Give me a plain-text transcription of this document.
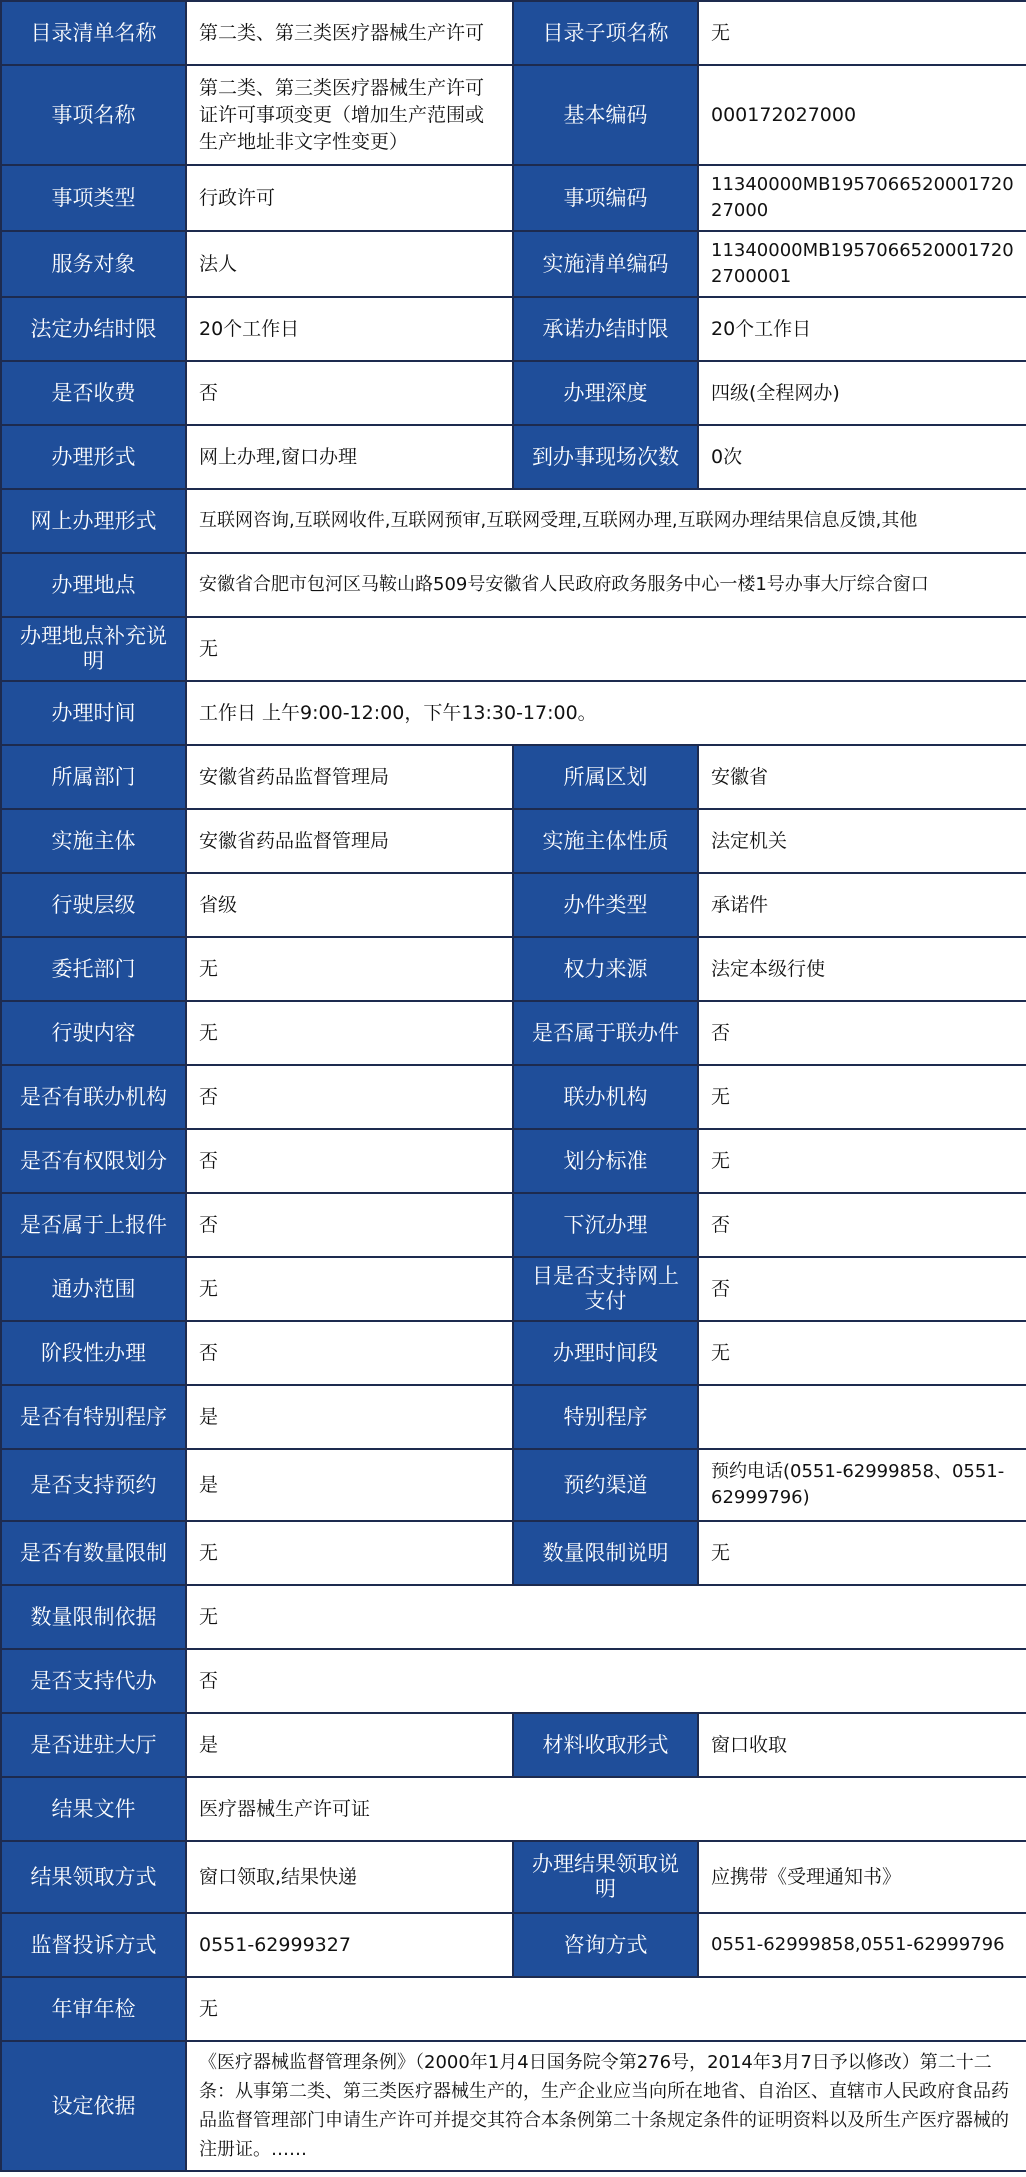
目录清单名称	第二类、第三类医疗器械生产许可	目录子项名称	无
事项名称	第二类、第三类医疗器械生产许可证许可事项变更（增加生产范围或生产地址非文字性变更）	基本编码	000172027000
事项类型	行政许可	事项编码	11340000MB195706652000172027000
服务对象	法人	实施清单编码	11340000MB19570665200017202700001
法定办结时限	20个工作日	承诺办结时限	20个工作日
是否收费	否	办理深度	四级(全程网办)
办理形式	网上办理,窗口办理	到办事现场次数	0次
网上办理形式	互联网咨询,互联网收件,互联网预审,互联网受理,互联网办理,互联网办理结果信息反馈,其他		
办理地点	安徽省合肥市包河区马鞍山路509号安徽省人民政府政务服务中心一楼1号办事大厅综合窗口		
办理地点补充说明	无		
办理时间	工作日 上午9:00-12:00，下午13:30-17:00。		
所属部门	安徽省药品监督管理局	所属区划	安徽省
实施主体	安徽省药品监督管理局	实施主体性质	法定机关
行驶层级	省级	办件类型	承诺件
委托部门	无	权力来源	法定本级行使
行驶内容	无	是否属于联办件	否
是否有联办机构	否	联办机构	无
是否有权限划分	否	划分标准	无
是否属于上报件	否	下沉办理	否
通办范围	无	目是否支持网上支付	否
阶段性办理	否	办理时间段	无
是否有特别程序	是	特别程序	
是否支持预约	是	预约渠道	预约电话(0551-62999858、0551-62999796)
是否有数量限制	无	数量限制说明	无
数量限制依据	无		
是否支持代办	否		
是否进驻大厅	是	材料收取形式	窗口收取
结果文件	医疗器械生产许可证		
结果领取方式	窗口领取,结果快递	办理结果领取说明	应携带《受理通知书》
监督投诉方式	0551-62999327	咨询方式	0551-62999858,0551-62999796
年审年检	无		
设定依据	《医疗器械监督管理条例》（2000年1月4日国务院令第276号，2014年3月7日予以修改）第二十二条：从事第二类、第三类医疗器械生产的，生产企业应当向所在地省、自治区、直辖市人民政府食品药品监督管理部门申请生产许可并提交其符合本条例第二十条规定条件的证明资料以及所生产医疗器械的注册证。……		
